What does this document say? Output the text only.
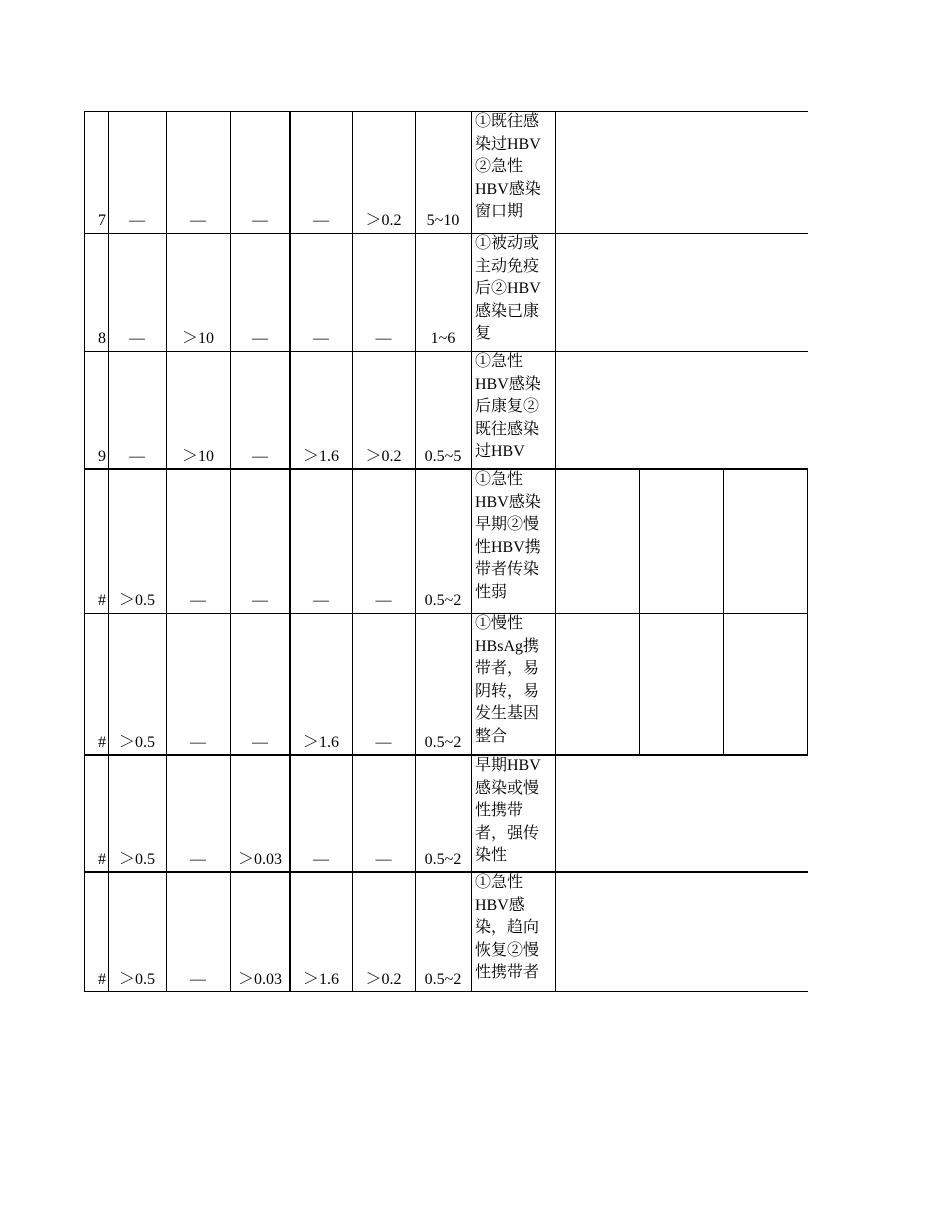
7	—	—	—	—	＞0.2	5~10
①既往感
染过HBV
②急性
HBV感染
窗口期
8	—	＞10	—	—	—	1~6
①被动或
主动免疫
后②HBV
感染已康
复
9	—	＞10	—	＞1.6	＞0.2	0.5~5
①急性
HBV感染
后康复②
既往感染
过HBV
# ＞0.5	—	—	—	—	0.5~2
①急性
HBV感染
早期②慢
性HBV携
带者传染
性弱
# ＞0.5	—	—	＞1.6	—	0.5~2
①慢性
HBsAg携
带者，易
阴转，易
发生基因
整合
# ＞0.5	—	＞0.03	—	—	0.5~2
早期HBV
感染或慢
性携带
者，强传
染性
# ＞0.5	—	＞0.03	＞1.6	＞0.2	0.5~2
①急性
HBV感
染，趋向
恢复②慢
性携带者
